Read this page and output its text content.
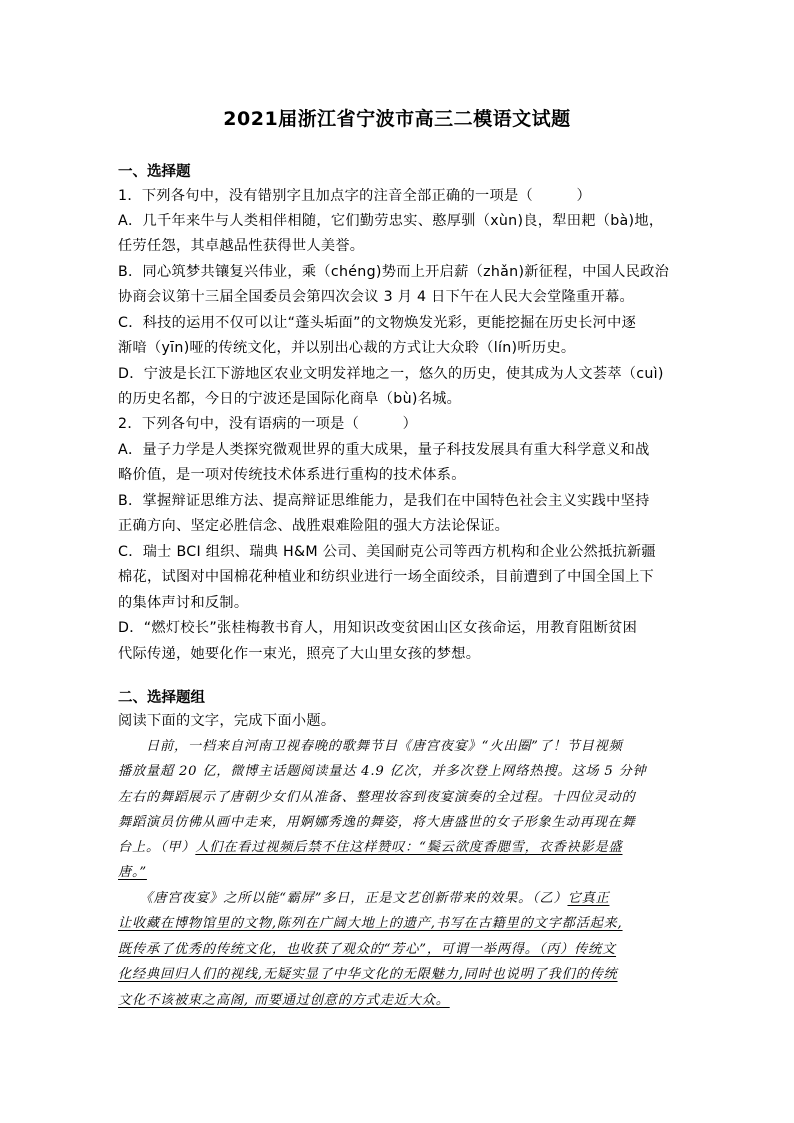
2021届浙江省宁波市高三二模语文试题
一、选择题
1．下列各句中，没有错别字且加点字的注音全部正确的一项是（　　　）
A．几千年来牛与人类相伴相随，它们勤劳忠实、憨厚驯（xùn)良，犁田耙（bà)地，
任劳任怨，其卓越品性获得世人美誉。
B．同心筑梦共镶复兴伟业，乘（chéng)势而上开启薪（zhǎn)新征程，中国人民政治
协商会议第十三届全国委员会第四次会议 3 月 4 日下午在人民大会堂隆重开幕。
C．科技的运用不仅可以让“蓬头垢面”的文物焕发光彩，更能挖掘在历史长河中逐
渐喑（yīn)哑的传统文化，并以别出心裁的方式让大众聆（lín)听历史。
D．宁波是长江下游地区农业文明发祥地之一，悠久的历史，使其成为人文荟萃（cuì)
的历史名都，今日的宁波还是国际化商阜（bù)名城。
2．下列各句中，没有语病的一项是（　　　）
A．量子力学是人类探究微观世界的重大成果，量子科技发展具有重大科学意义和战
略价值，是一项对传统技术体系进行重构的技术体系。
B．掌握辩证思维方法、提高辩证思维能力，是我们在中国特色社会主义实践中坚持
正确方向、坚定必胜信念、战胜艰难险阻的强大方法论保证。
C．瑞士 BCI 组织、瑞典 H&M 公司、美国耐克公司等西方机构和企业公然抵抗新疆
棉花，试图对中国棉花种植业和纺织业进行一场全面绞杀，目前遭到了中国全国上下
的集体声讨和反制。
D．“燃灯校长”张桂梅教书育人，用知识改变贫困山区女孩命运，用教育阻断贫困
代际传递，她要化作一束光，照亮了大山里女孩的梦想。
二、选择题组
阅读下面的文字，完成下面小题。
　　日前，一档来自河南卫视春晚的歌舞节目《唐宫夜宴》“火出圈”了！节目视频
播放量超 20 亿，微博主话题阅读量达 4.9 亿次，并多次登上网络热搜。这场 5 分钟
左右的舞蹈展示了唐朝少女们从准备、整理妆容到夜宴演奏的全过程。十四位灵动的
舞蹈演员仿佛从画中走来，用婀娜秀逸的舞姿，将大唐盛世的女子形象生动再现在舞
台上。（甲）人们在看过视频后禁不住这样赞叹：“鬓云欲度香腮雪，衣香袂影是盛
唐。”
　　《唐宫夜宴》之所以能“霸屏”多日，正是文艺创新带来的效果。（乙）它真正
让收藏在博物馆里的文物,陈列在广阔大地上的遗产,书写在古籍里的文字都活起来,
既传承了优秀的传统文化，也收获了观众的“芳心”，可谓一举两得。（丙）传统文
化经典回归人们的视线,无疑实显了中华文化的无限魅力,同时也说明了我们的传统
文化不该被束之高阁, 而要通过创意的方式走近大众。
